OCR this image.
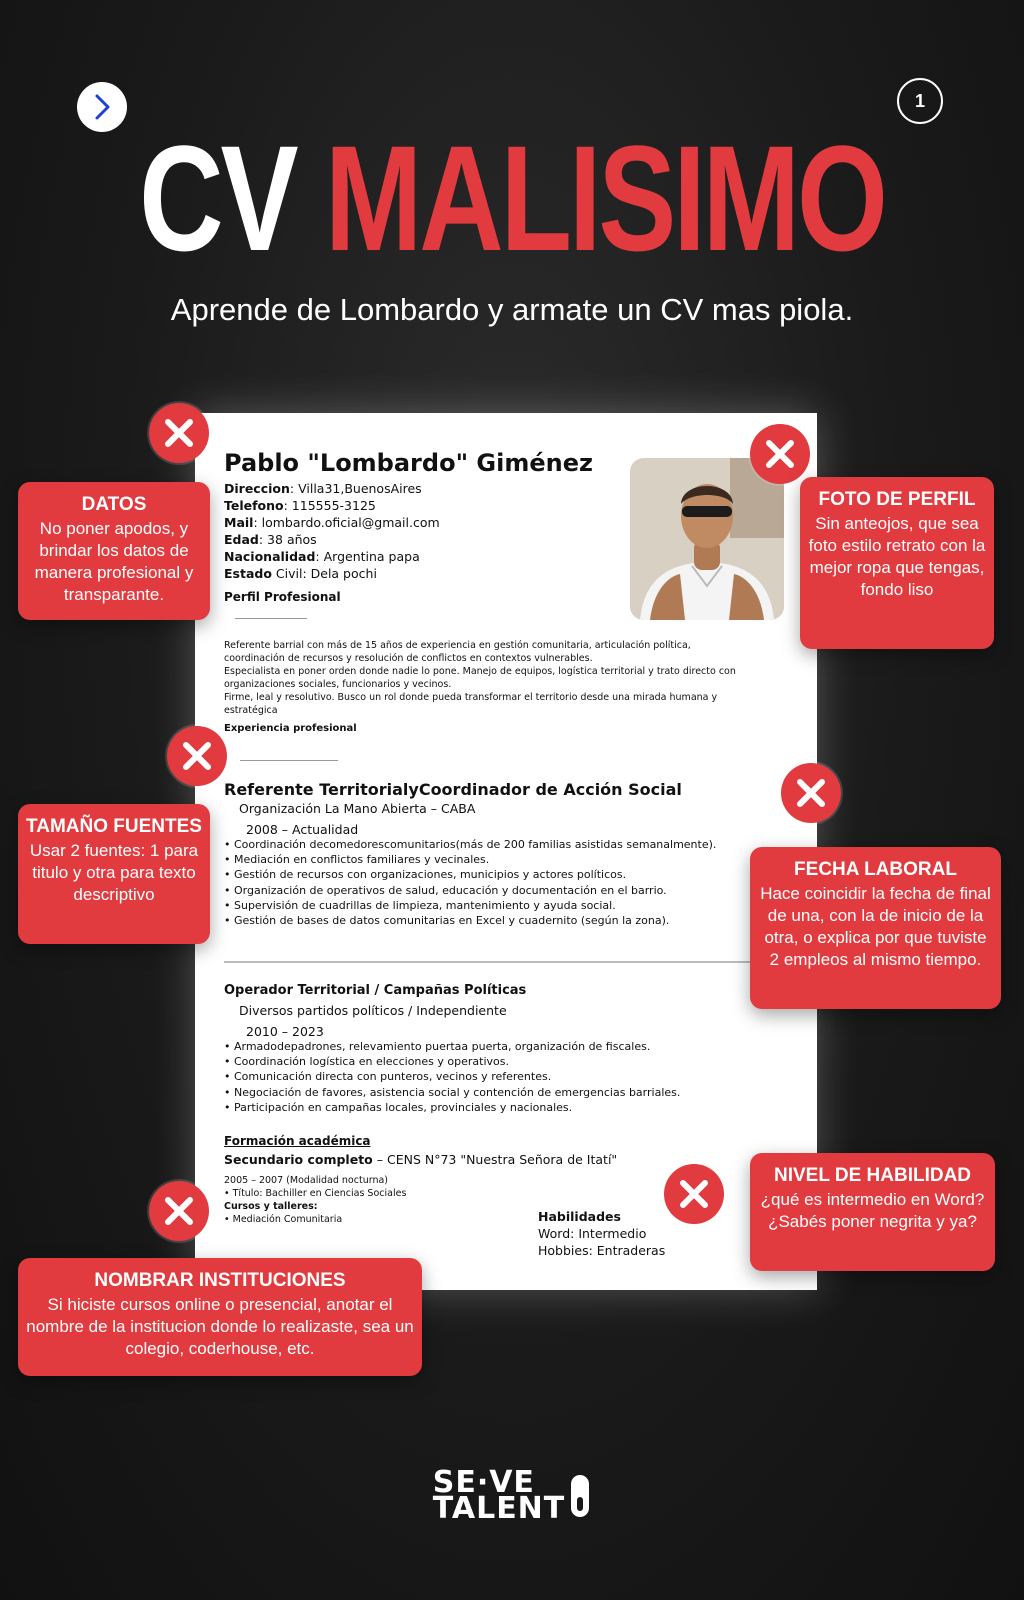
1
CV MALISIMO
Aprende de Lombardo y armate un CV mas piola.
Pablo "Lombardo" Giménez
Direccion: Villa31,BuenosAires
Telefono: 115555-3125
Mail: lombardo.oficial@gmail.com
Edad: 38 años
Nacionalidad: Argentina papa
Estado Civil: Dela pochi
Perfil Profesional
Referente barrial con más de 15 años de experiencia en gestión comunitaria, articulación política,
coordinación de recursos y resolución de conflictos en contextos vulnerables.
Especialista en poner orden donde nadie lo pone. Manejo de equipos, logística territorial y trato directo con
organizaciones sociales, funcionarios y vecinos.
Firme, leal y resolutivo. Busco un rol donde pueda transformar el territorio desde una mirada humana y
estratégica
Experiencia profesional
Referente TerritorialyCoordinador de Acción Social
Organización La Mano Abierta – CABA
2008 – Actualidad
• Coordinación decomedorescomunitarios(más de 200 familias asistidas semanalmente).
• Mediación en conflictos familiares y vecinales.
• Gestión de recursos con organizaciones, municipios y actores políticos.
• Organización de operativos de salud, educación y documentación en el barrio.
• Supervisión de cuadrillas de limpieza, mantenimiento y ayuda social.
• Gestión de bases de datos comunitarias en Excel y cuadernito (según la zona).
Operador Territorial / Campañas Políticas
Diversos partidos políticos / Independiente
2010 – 2023
• Armadodepadrones, relevamiento puertaa puerta, organización de fiscales.
• Coordinación logística en elecciones y operativos.
• Comunicación directa con punteros, vecinos y referentes.
• Negociación de favores, asistencia social y contención de emergencias barriales.
• Participación en campañas locales, provinciales y nacionales.
Formación académica
Secundario completo – CENS N°73 "Nuestra Señora de Itatí"
2005 – 2007 (Modalidad nocturna)
• Título: Bachiller en Ciencias Sociales
Cursos y talleres:
• Mediación Comunitaria	Habilidades
Word: Intermedio
Hobbies: Entraderas
DATOS
No poner apodos, y brindar los datos de manera profesional y transparante.
FOTO DE PERFIL
Sin anteojos, que sea foto estilo retrato con la mejor ropa que tengas, fondo liso
TAMAÑO FUENTES
Usar 2 fuentes: 1 para titulo y otra para texto descriptivo
FECHA LABORAL
Hace coincidir la fecha de final de una, con la de inicio de la otra, o explica por que tuviste 2 empleos al mismo tiempo.
NIVEL DE HABILIDAD
¿qué es intermedio en Word? ¿Sabés poner negrita y ya?
NOMBRAR INSTITUCIONES
Si hiciste cursos online o presencial, anotar el nombre de la institucion donde lo realizaste, sea un colegio, coderhouse, etc.
SE·VE
TALENT
